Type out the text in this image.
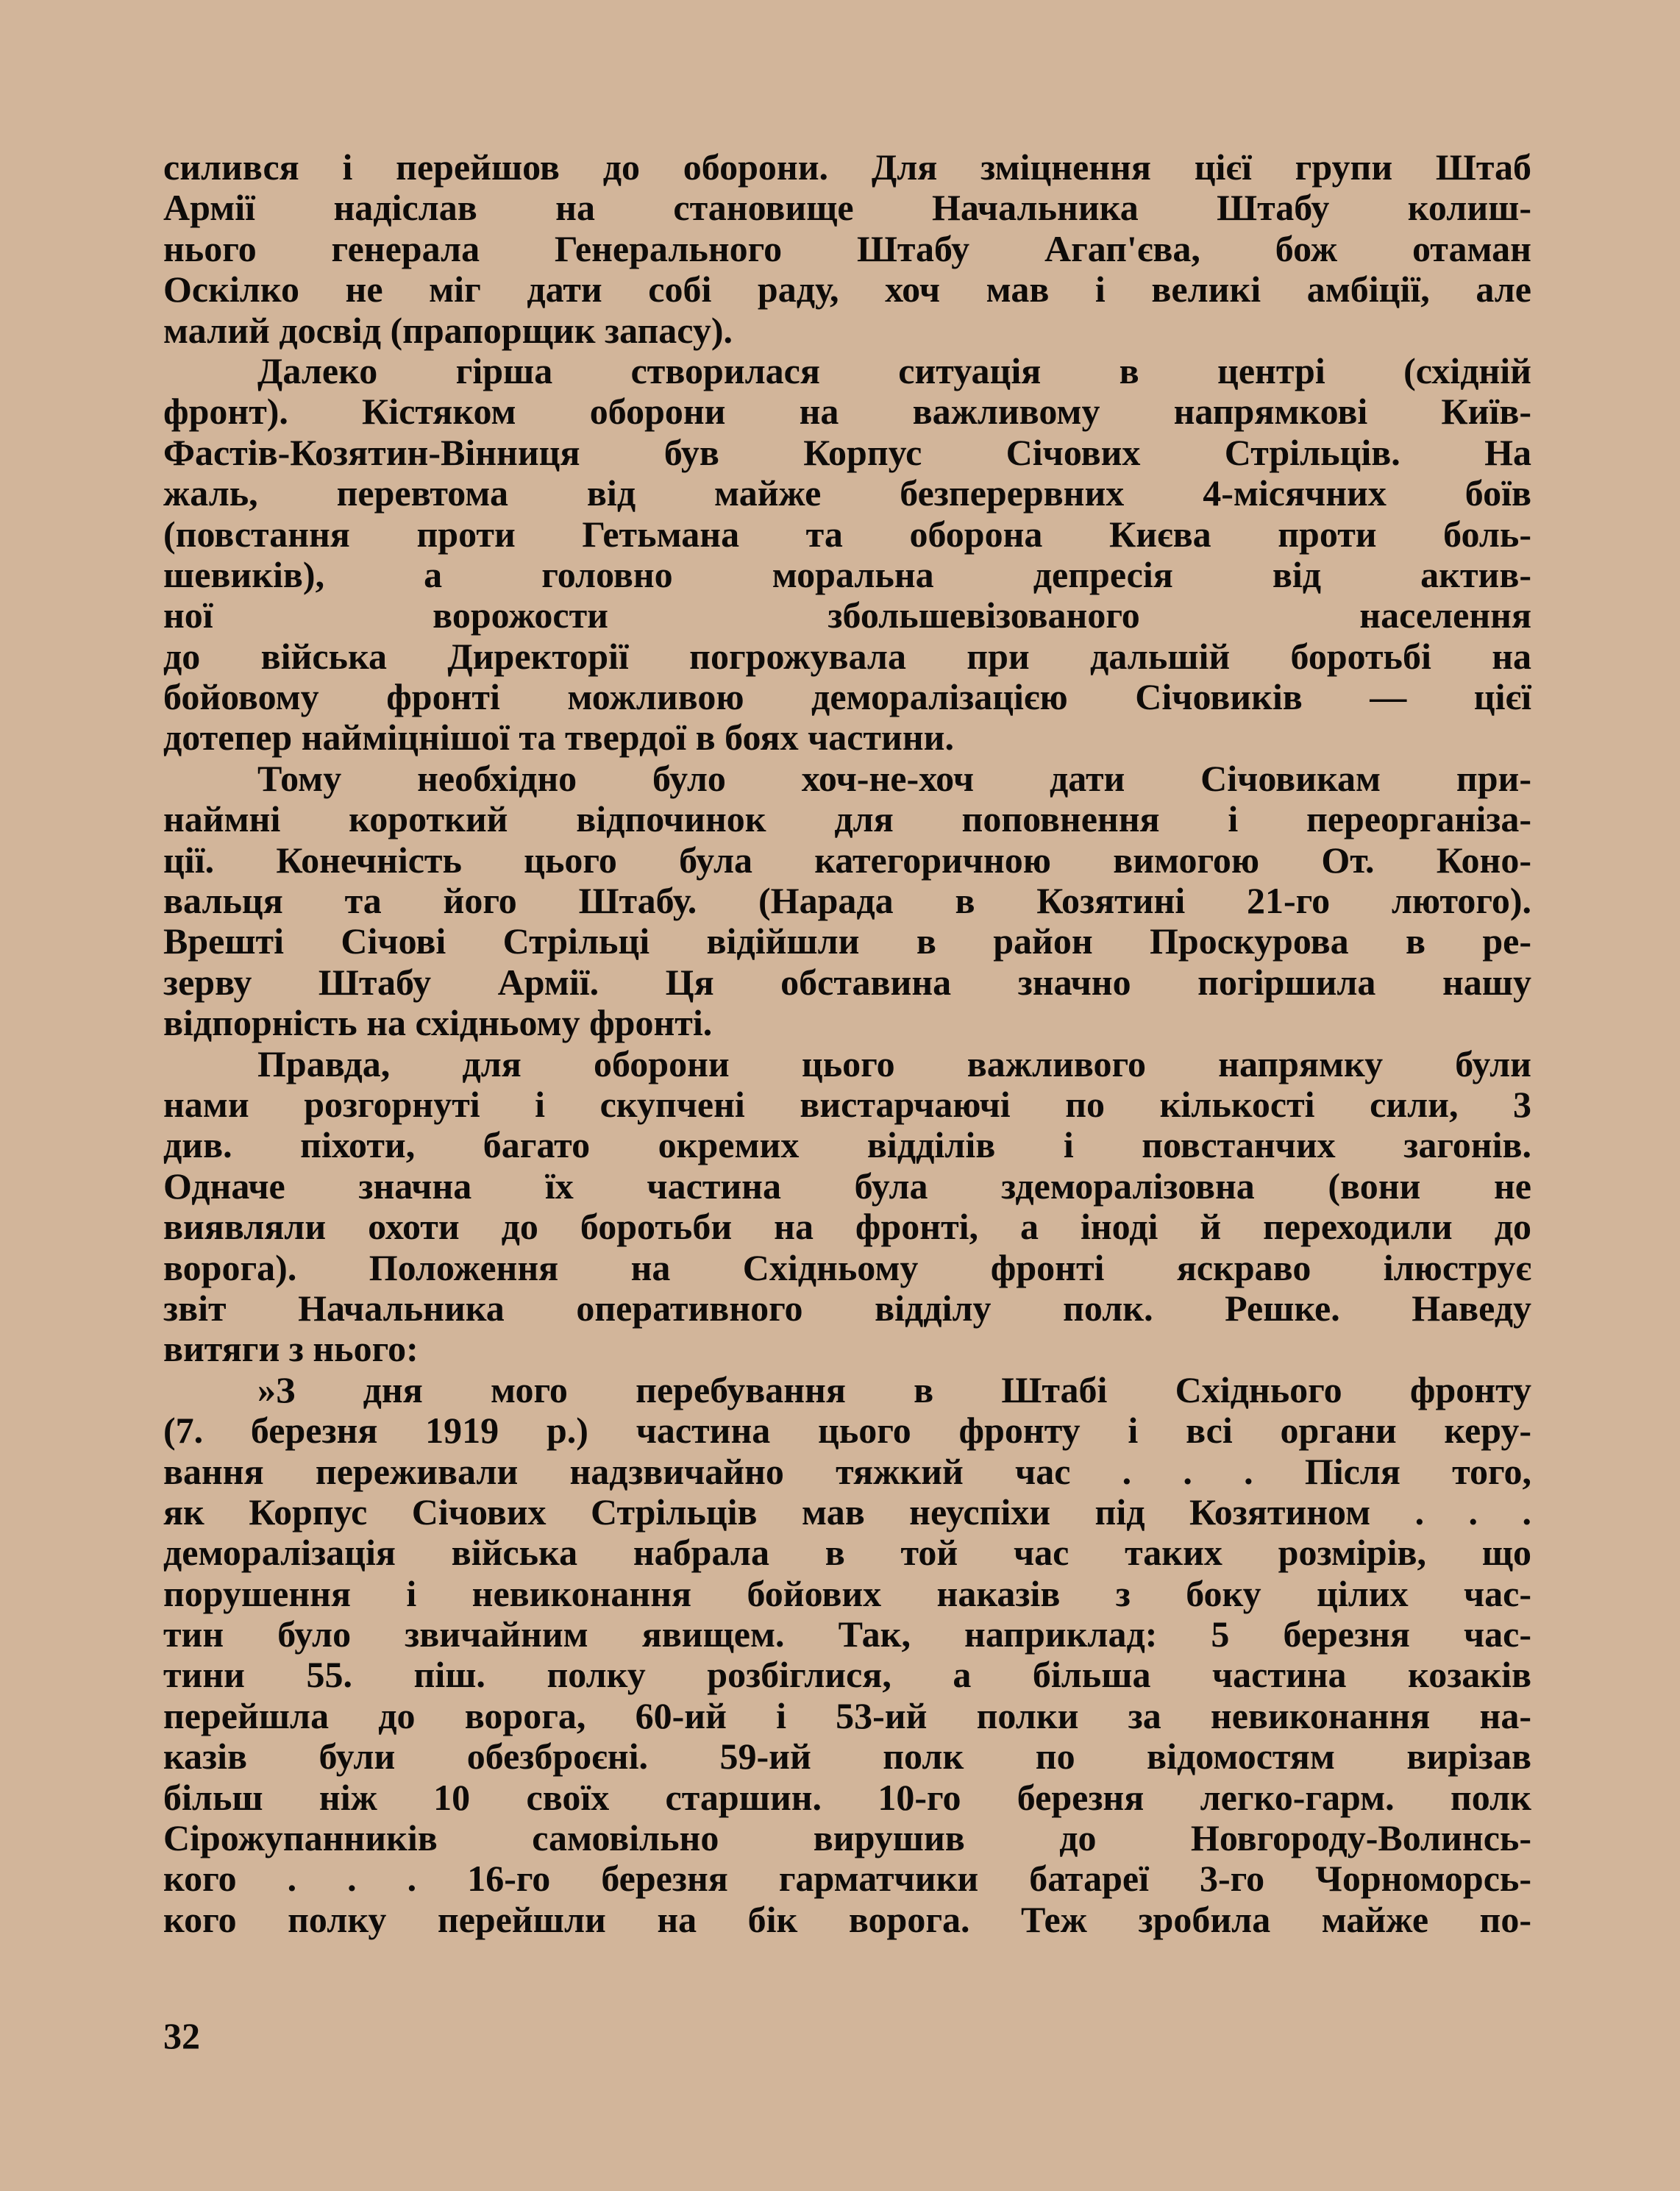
силився і перейшов до оборони. Для зміцнення цієї групи Штаб
Армії надіслав на становище Начальника Штабу колиш-
нього генерала Генерального Штабу Агап'єва, бож отаман
Оскілко не міг дати собі раду, хоч мав і великі амбіції, але
малий досвід (прапорщик запасу).
Далеко гірша створилася ситуація в центрі (східній
фронт). Кістяком оборони на важливому напрямкові Київ-
Фастів-Козятин-Вінниця був Корпус Січових Стрільців. На
жаль, перевтома від майже безперервних 4-місячних боїв
(повстання проти Гетьмана та оборона Києва проти боль-
шевиків), а головно моральна депресія від актив-
ної ворожости збольшевізованого населення
до війська Директорії погрожувала при дальшій боротьбі на
бойовому фронті можливою деморалізацією Січовиків — цієї
дотепер найміцнішої та твердої в боях частини.
Тому необхідно було хоч-не-хоч дати Січовикам при-
наймні короткий відпочинок для поповнення і переорганіза-
ції. Конечність цього була категоричною вимогою От. Коно-
вальця та його Штабу. (Нарада в Козятині 21-го лютого).
Врешті Січові Стрільці відійшли в район Проскурова в ре-
зерву Штабу Армії. Ця обставина значно погіршила нашу
відпорність на східньому фронті.
Правда, для оборони цього важливого напрямку були
нами розгорнуті і скупчені вистарчаючі по кількості сили, 3
див. піхоти, багато окремих відділів і повстанчих загонів.
Одначе значна їх частина була здеморалізовна (вони не
виявляли охоти до боротьби на фронті, а іноді й переходили до
ворога). Положення на Східньому фронті яскраво ілюструє
звіт Начальника оперативного відділу полк. Решке. Наведу
витяги з нього:
»З дня мого перебування в Штабі Східнього фронту
(7. березня 1919 р.) частина цього фронту і всі органи керу-
вання переживали надзвичайно тяжкий час . . . Після того,
як Корпус Січових Стрільців мав неуспіхи під Козятином . . .
деморалізація війська набрала в той час таких розмірів, що
порушення і невиконання бойових наказів з боку цілих час-
тин було звичайним явищем. Так, наприклад: 5 березня час-
тини 55. піш. полку розбіглися, а більша частина козаків
перейшла до ворога, 60-ий і 53-ий полки за невиконання на-
казів були обезброєні. 59-ий полк по відомостям вирізав
більш ніж 10 своїх старшин. 10-го березня легко-гарм. полк
Сірожупанників самовільно вирушив до Новгороду-Волинсь-
кого . . . 16-го березня гарматчики батареї 3-го Чорноморсь-
кого полку перейшли на бік ворога. Теж зробила майже по-
32
